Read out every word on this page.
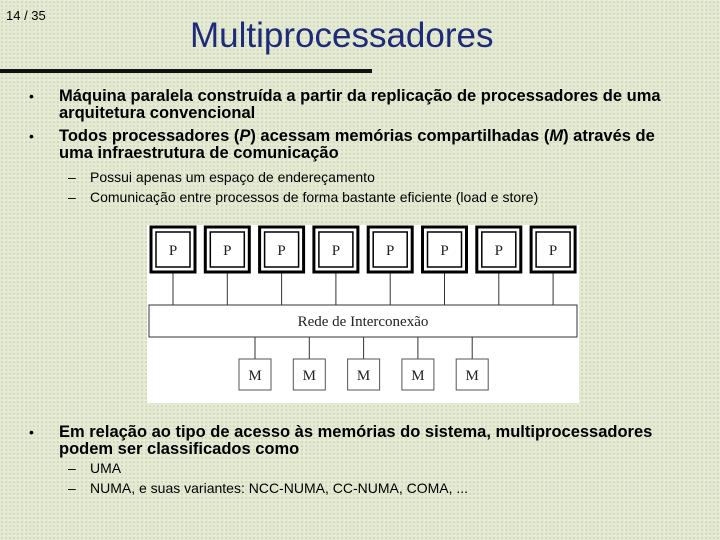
14 / 35
Multiprocessadores
• Máquina paralela construída a partir da replicação de processadores de uma arquitetura convencional
• Todos processadores (P) acessam memórias compartilhadas (M) através de uma infraestrutura de comunicação
– Possui apenas um espaço de endereçamento
– Comunicação entre processos de forma bastante eficiente (load e store)
Rede de Interconexão
P	P	P	P	P	P	P	P
M	M	M	M	M
• Em relação ao tipo de acesso às memórias do sistema, multiprocessadores podem ser classificados como
– UMA
– NUMA, e suas variantes: NCC-NUMA, CC-NUMA, COMA, ...
